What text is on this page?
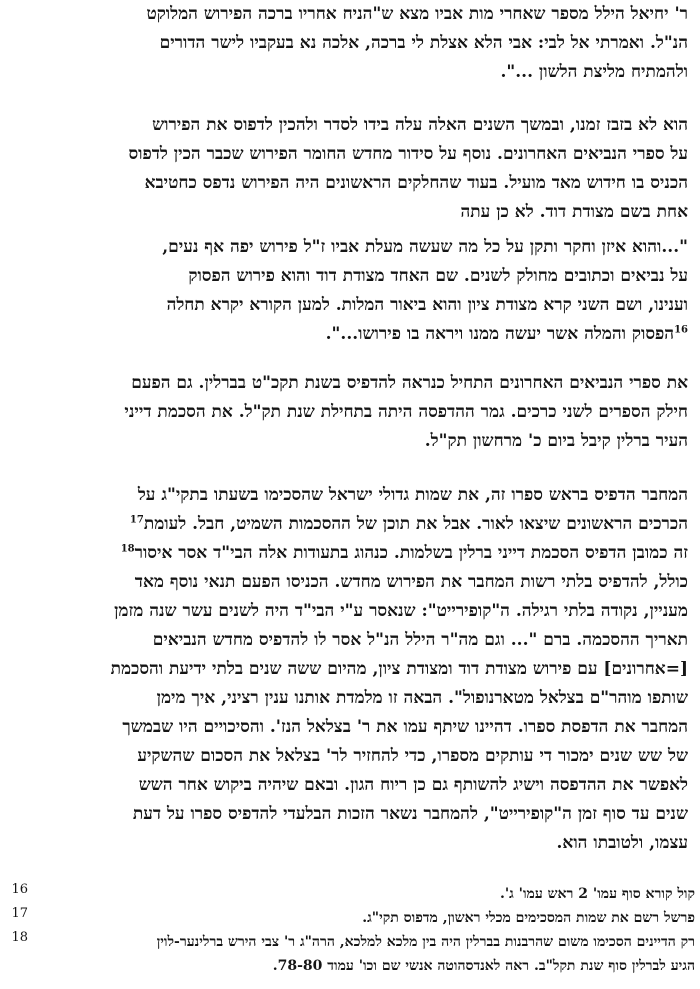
ר' יחיאל הילל מספר שאחרי מות אביו מצא ש"הניח אחריו ברכה הפירוש המלוקט
הנ"ל. ואמרתי אל לבי: אבי הלא אצלת לי ברכה, אלכה נא בעקביו לישר הדורים
ולהמתיח מליצת הלשון ...".
הוא לא בזבז זמנו, ובמשך השנים האלה עלה בידו לסדר ולהכין לדפוס את הפירוש
על ספרי הנביאים האחרונים. נוסף על סידור מחדש החומר הפירוש שכבר הכין לדפוס
הכניס בו חידוש מאד מועיל. בעוד שהחלקים הראשונים היה הפירוש נדפס כחטיבא
אחת בשם מצודת דוד. לא כן עתה
"...והוא איזן וחקר ותקן על כל מה שעשה מעלת אביו ז"ל פירוש יפה אף נעים,
על נביאים וכתובים מחולק לשנים. שם האחד מצודת דוד והוא פירוש הפסוק
וענינו, ושם השני קרא מצודת ציון והוא ביאור המלות. למען הקורא יקרא תחלה
$^{16}$הפסוק והמלה אשר יעשה ממנו ויראה בו פירושו...".
את ספרי הנביאים האחרונים התחיל כנראה להדפיס בשנת תקכ"ט בברלין. גם הפעם
חילק הספרים לשני כרכים. גמר ההדפסה היתה בתחילת שנת תק"ל. את הסכמת דייני
העיר ברלין קיבל ביום כ' מרחשון תק"ל.
המחבר הדפיס בראש ספרו זה, את שמות גדולי ישראל שהסכימו בשעתו בתקי"ג על
הכרכים הראשונים שיצאו לאור. אבל את תוכן של ההסכמות השמיט, חבל. לעומת$^{17}$
זה כמובן הדפיס הסכמת דייני ברלין בשלמות. כנהוג בתעודות אלה הבי"ד אסר איסור$^{18}$
כולל, להדפיס בלתי רשות המחבר את הפירוש מחדש. הכניסו הפעם תנאי נוסף מאד
מעניין, נקודה בלתי רגילה. ה"קופירייט": שנאסר ע"י הבי"ד היה לשנים עשר שנה מזמן
תאריך ההסכמה. ברם "... וגם מה"ר הילל הנ"ל אסר לו להדפיס מחדש הנביאים
[=אחרונים] עם פירוש מצודת דוד ומצודת ציון, מהיום ששה שנים בלתי ידיעת והסכמת
שותפו מוהר"ם בצלאל מטארנופול". הבאה זו מלמדת אותנו ענין רציני, איך מימן
המחבר את הדפסת ספרו. דהיינו שיתף עמו את ר' בצלאל הנז'. והסיכויים היו שבמשך
של שש שנים ימכור די עותקים מספרו, כדי להחזיר לר' בצלאל את הסכום שהשקיע
לאפשר את ההדפסה וישיג להשותף גם כן ריוח הגון. ובאם שיהיה ביקוש אחר השש
שנים עד סוף זמן ה"קופירייט", להמחבר נשאר הזכות הבלעדי להדפיס ספרו על דעת
עצמו, ולטובתו הוא.
קול קורא סוף עמו' 2 ראש עמו' ג'.
16
פרשל רשם את שמות המסכימים מכלי ראשון, מדפוס תקי"ג.
17
רק הדיינים הסכימו משום שהרבנות בברלין היה בין מלכא למלכא, הרה"ג ר' צבי הירש ברלינער-לוין
הגיע לברלין סוף שנת תקל"ב. ראה לאנדסהוטה אנשי שם וכו' עמוד 78-80.
18
